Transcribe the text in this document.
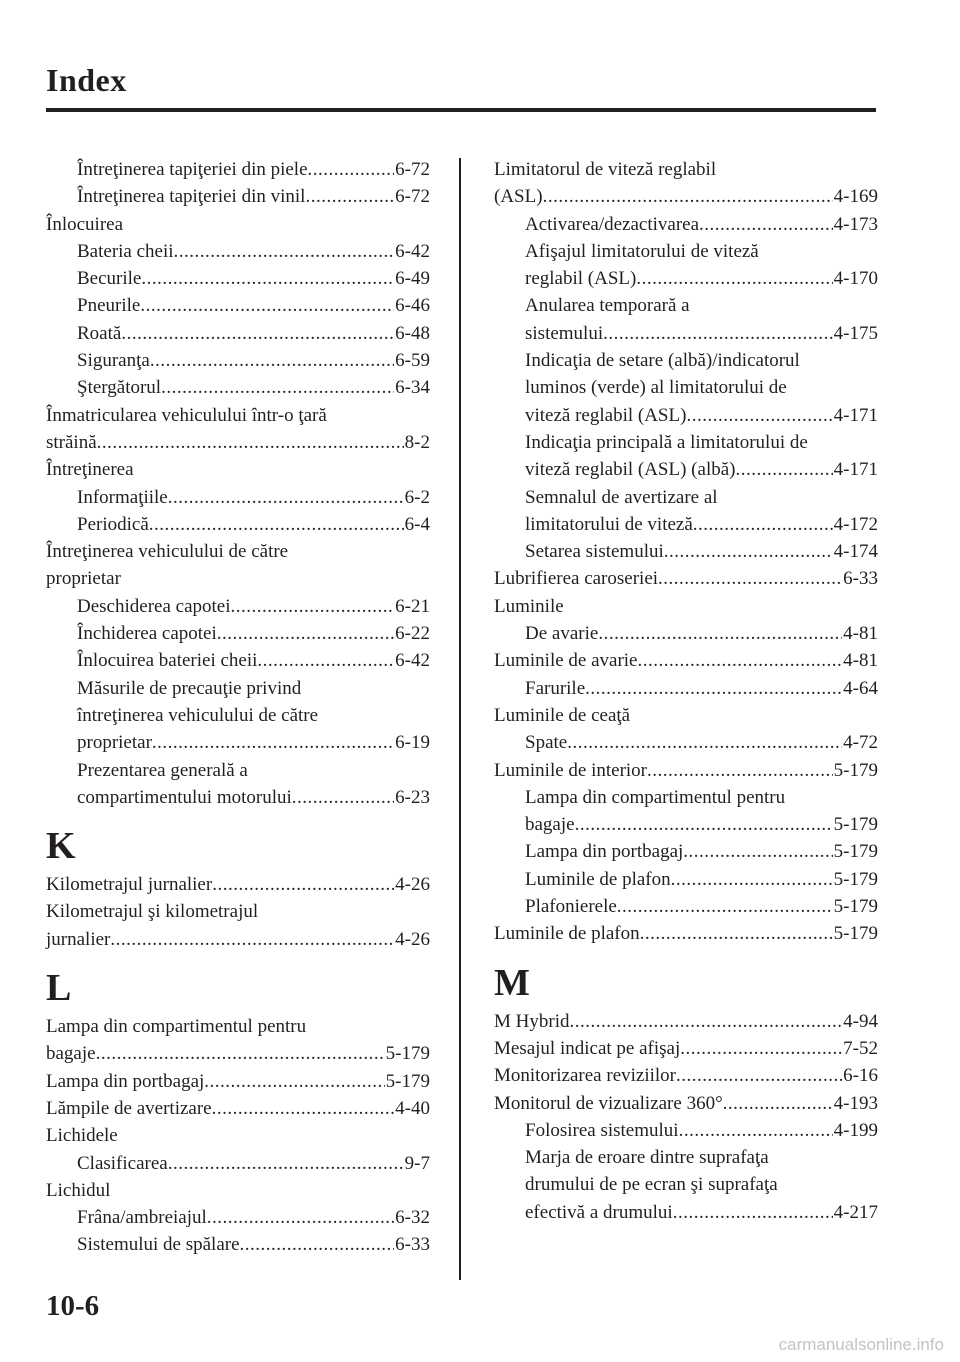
Index
Întreţinerea tapiţeriei din piele .....	6-72
Întreţinerea tapiţeriei din vinil .....	6-72
Înlocuirea
Bateria cheii .....	6-42
Becurile .....	6-49
Pneurile .....	6-46
Roată .....	6-48
Siguranţa .....	6-59
Ştergătorul .....	6-34
Înmatricularea vehiculului într-o ţară
străină .....	8-2
Întreţinerea
Informaţiile .....	6-2
Periodică .....	6-4
Întreţinerea vehiculului de către
proprietar
Deschiderea capotei .....	6-21
Închiderea capotei .....	6-22
Înlocuirea bateriei cheii .....	6-42
Măsurile de precauţie privind
întreţinerea vehiculului de către
proprietar .....	6-19
Prezentarea generală a
compartimentului motorului .....	6-23
K
Kilometrajul jurnalier .....	4-26
Kilometrajul şi kilometrajul
jurnalier .....	4-26
L
Lampa din compartimentul pentru
bagaje .....	5-179
Lampa din portbagaj .....	5-179
Lămpile de avertizare .....	4-40
Lichidele
Clasificarea .....	9-7
Lichidul
Frâna/ambreiajul .....	6-32
Sistemului de spălare .....	6-33
Limitatorul de viteză reglabil
(ASL) .....	4-169
Activarea/dezactivarea .....	4-173
Afişajul limitatorului de viteză
reglabil (ASL) .....	4-170
Anularea temporară a
sistemului .....	4-175
Indicaţia de setare (albă)/indicatorul
luminos (verde) al limitatorului de
viteză reglabil (ASL) .....	4-171
Indicaţia principală a limitatorului de
viteză reglabil (ASL) (albă) .....	4-171
Semnalul de avertizare al
limitatorului de viteză .....	4-172
Setarea sistemului .....	4-174
Lubrifierea caroseriei .....	6-33
Luminile
De avarie .....	4-81
Luminile de avarie .....	4-81
Farurile .....	4-64
Luminile de ceaţă
Spate .....	4-72
Luminile de interior .....	5-179
Lampa din compartimentul pentru
bagaje .....	5-179
Lampa din portbagaj .....	5-179
Luminile de plafon .....	5-179
Plafonierele .....	5-179
Luminile de plafon .....	5-179
M
M Hybrid .....	4-94
Mesajul indicat pe afişaj .....	7-52
Monitorizarea reviziilor .....	6-16
Monitorul de vizualizare 360° .....	4-193
Folosirea sistemului .....	4-199
Marja de eroare dintre suprafaţa
drumului de pe ecran şi suprafaţa
efectivă a drumului .....	4-217
10-6
carmanualsonline.info
